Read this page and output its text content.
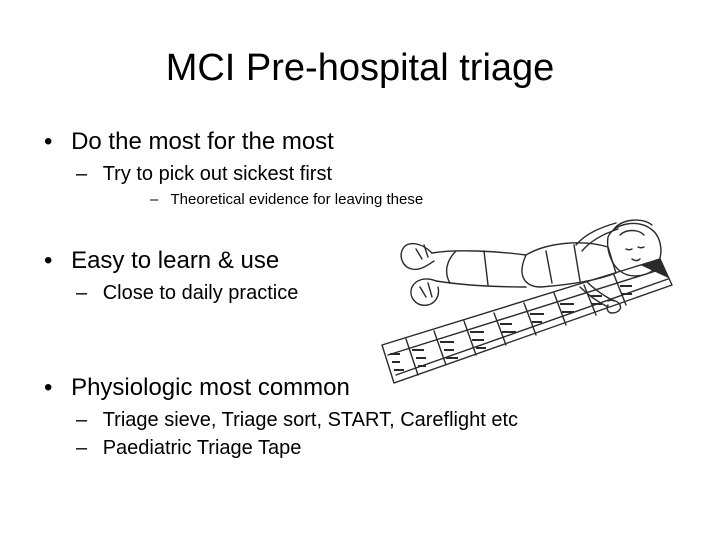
MCI Pre-hospital triage
• Do the most for the most
– Try to pick out sickest first
– Theoretical evidence for leaving these
• Easy to learn & use
– Close to daily practice
• Physiologic most common
– Triage sieve, Triage sort, START, Careflight etc
– Paediatric Triage Tape
